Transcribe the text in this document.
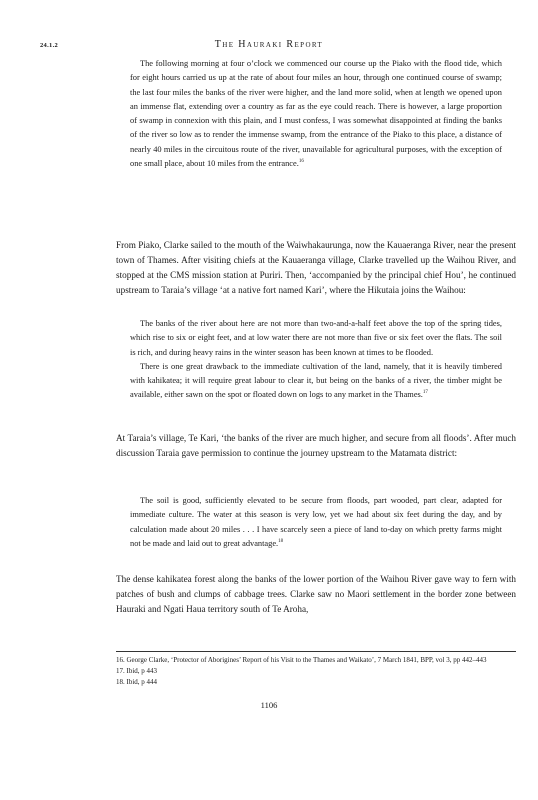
24.1.2	The Hauraki Report

The following morning at four o’clock we commenced our course up the Piako with the flood tide, which for eight hours carried us up at the rate of about four miles an hour, through one continued course of swamp; the last four miles the banks of the river were higher, and the land more solid, when at length we opened upon an immense flat, extending over a country as far as the eye could reach. There is however, a large proportion of swamp in connexion with this plain, and I must confess, I was somewhat disappointed at finding the banks of the river so low as to render the immense swamp, from the entrance of the Piako to this place, a distance of nearly 40 miles in the circuitous route of the river, unavailable for agricultural purposes, with the exception of one small place, about 10 miles from the entrance.$^{16}$

From Piako, Clarke sailed to the mouth of the Waiwhakaurunga, now the Kauaeranga River, near the present town of Thames. After visiting chiefs at the Kauaeranga village, Clarke travelled up the Waihou River, and stopped at the CMS mission station at Puriri. Then, ‘accompanied by the principal chief Hou’, he continued upstream to Taraia’s village ‘at a native fort named Kari’, where the Hikutaia joins the Waihou:

The banks of the river about here are not more than two-and-a-half feet above the top of the spring tides, which rise to six or eight feet, and at low water there are not more than five or six feet over the flats. The soil is rich, and during heavy rains in the winter season has been known at times to be flooded.

There is one great drawback to the immediate cultivation of the land, namely, that it is heavily timbered with kahikatea; it will require great labour to clear it, but being on the banks of a river, the timber might be available, either sawn on the spot or floated down on logs to any market in the Thames.$^{17}$

At Taraia’s village, Te Kari, ‘the banks of the river are much higher, and secure from all floods’. After much discussion Taraia gave permission to continue the journey upstream to the Matamata district:

The soil is good, sufficiently elevated to be secure from floods, part wooded, part clear, adapted for immediate culture. The water at this season is very low, yet we had about six feet during the day, and by calculation made about 20 miles . . . I have scarcely seen a piece of land to-day on which pretty farms might not be made and laid out to great advantage.$^{18}$

The dense kahikatea forest along the banks of the lower portion of the Waihou River gave way to fern with patches of bush and clumps of cabbage trees. Clarke saw no Maori settlement in the border zone between Hauraki and Ngati Haua territory south of Te Aroha,

16. George Clarke, ‘Protector of Aborigines’ Report of his Visit to the Thames and Waikato’, 7 March 1841, BPP, vol 3, pp 442–443
17. Ibid, p 443
18. Ibid, p 444
1106
